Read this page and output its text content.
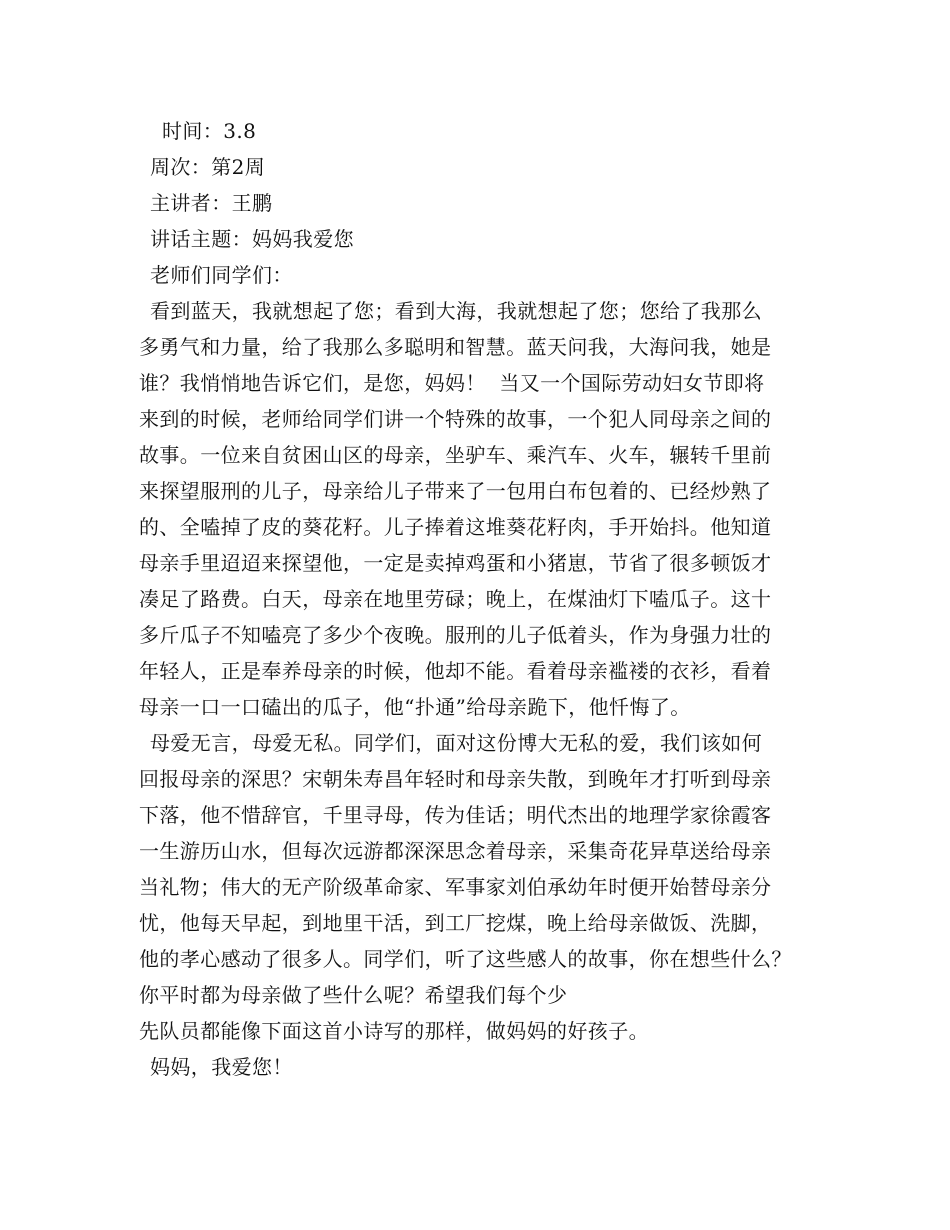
时间：3.8
周次：第2周
主讲者：王鹏
讲话主题：妈妈我爱您
老师们同学们：
看到蓝天，我就想起了您；看到大海，我就想起了您；您给了我那么
多勇气和力量，给了我那么多聪明和智慧。蓝天问我，大海问我，她是
谁？我悄悄地告诉它们，是您，妈妈！  当又一个国际劳动妇女节即将
来到的时候，老师给同学们讲一个特殊的故事，一个犯人同母亲之间的
故事。一位来自贫困山区的母亲，坐驴车、乘汽车、火车，辗转千里前
来探望服刑的儿子，母亲给儿子带来了一包用白布包着的、已经炒熟了
的、全嗑掉了皮的葵花籽。儿子捧着这堆葵花籽肉，手开始抖。他知道
母亲手里迢迢来探望他，一定是卖掉鸡蛋和小猪崽，节省了很多顿饭才
凑足了路费。白天，母亲在地里劳碌；晚上，在煤油灯下嗑瓜子。这十
多斤瓜子不知嗑亮了多少个夜晚。服刑的儿子低着头，作为身强力壮的
年轻人，正是奉养母亲的时候，他却不能。看着母亲褴褛的衣衫，看着
母亲一口一口磕出的瓜子，他“扑通”给母亲跪下，他忏悔了。
母爱无言，母爱无私。同学们，面对这份博大无私的爱，我们该如何
回报母亲的深思？宋朝朱寿昌年轻时和母亲失散，到晚年才打听到母亲
下落，他不惜辞官，千里寻母，传为佳话；明代杰出的地理学家徐霞客
一生游历山水，但每次远游都深深思念着母亲，采集奇花异草送给母亲
当礼物；伟大的无产阶级革命家、军事家刘伯承幼年时便开始替母亲分
忧，他每天早起，到地里干活，到工厂挖煤，晚上给母亲做饭、洗脚，
他的孝心感动了很多人。同学们，听了这些感人的故事，你在想些什么？
你平时都为母亲做了些什么呢？希望我们每个少
先队员都能像下面这首小诗写的那样，做妈妈的好孩子。
妈妈，我爱您！
